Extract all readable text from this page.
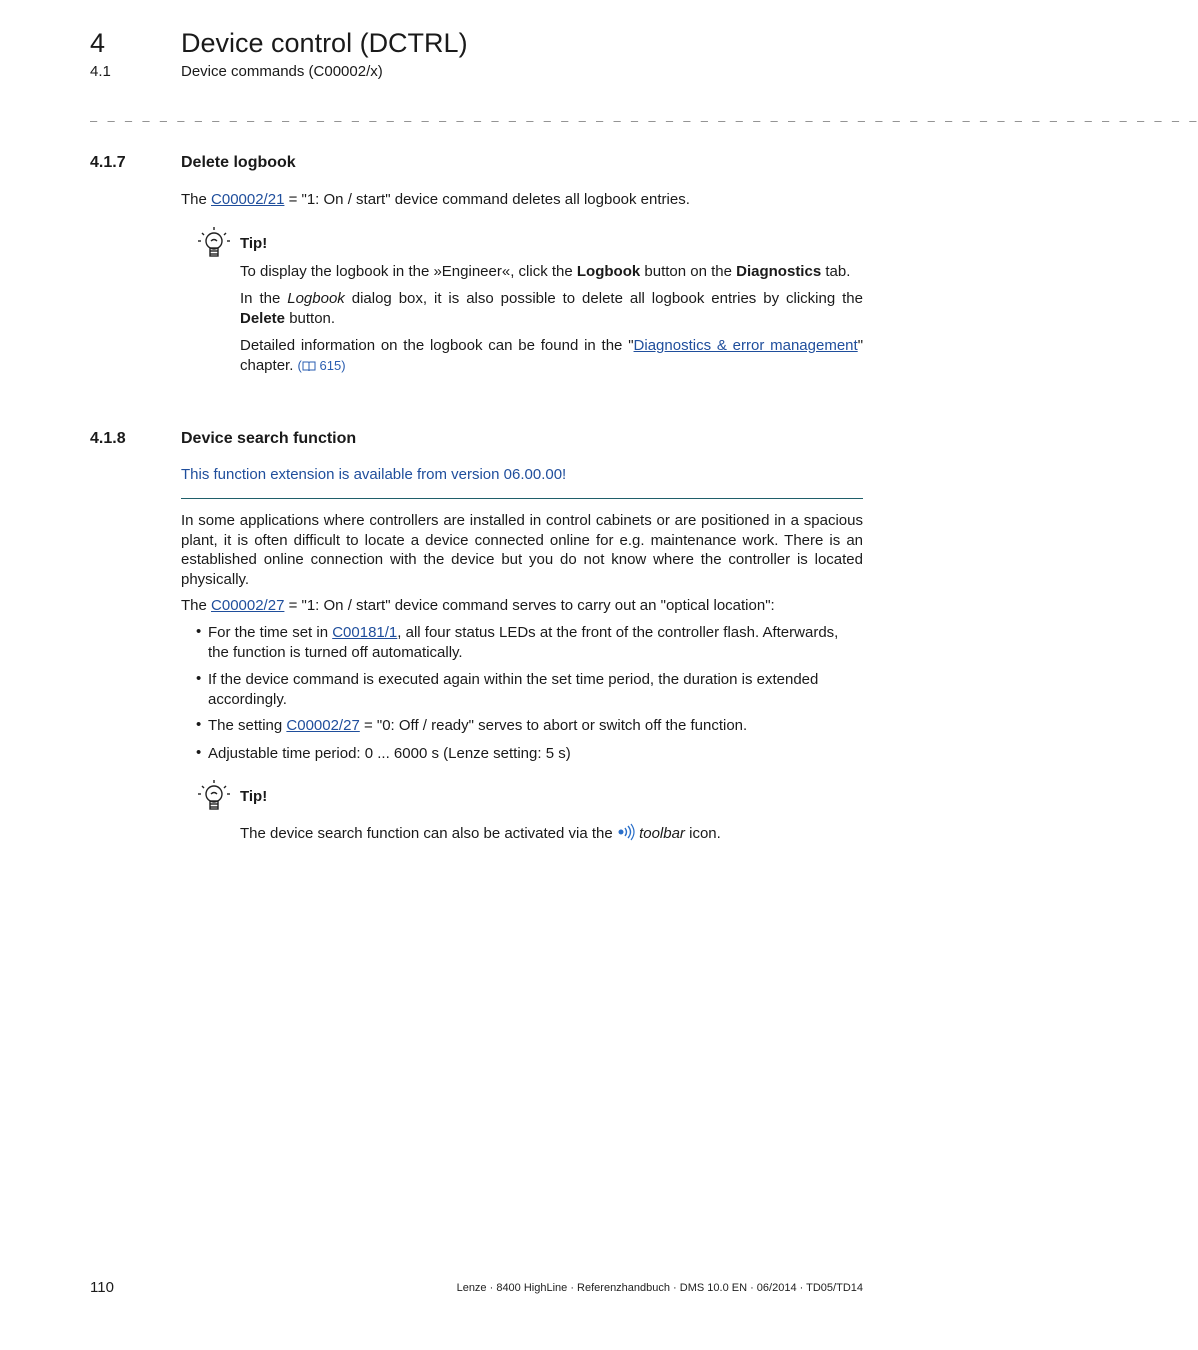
4	Device control (DCTRL)
4.1	Device commands (C00002/x)
_ _ _ _ _ _ _ _ _ _ _ _ _ _ _ _ _ _ _ _ _ _ _ _ _ _ _ _ _ _ _ _ _ _ _ _ _ _ _ _ _ _ _ _ _ _ _ _ _ _ _ _ _ _ _ _ _ _ _ _ _ _ _ _
4.1.7	Delete logbook
The C00002/21 = "1: On / start" device command deletes all logbook entries.
Tip!
To display the logbook in the »Engineer«, click the Logbook button on the Diagnostics tab.
In the Logbook dialog box, it is also possible to delete all logbook entries by clicking the Delete button.
Detailed information on the logbook can be found in the "Diagnostics & error management" chapter. ( 615)
4.1.8	Device search function
This function extension is available from version 06.00.00!
In some applications where controllers are installed in control cabinets or are positioned in a spacious plant, it is often difficult to locate a device connected online for e.g. maintenance work. There is an established online connection with the device but you do not know where the controller is located physically.
The C00002/27 = "1: On / start" device command serves to carry out an "optical location":
• For the time set in C00181/1, all four status LEDs at the front of the controller flash. Afterwards, the function is turned off automatically.
• If the device command is executed again within the set time period, the duration is extended accordingly.
• The setting C00002/27 = "0: Off / ready" serves to abort or switch off the function.
• Adjustable time period: 0 ... 6000 s (Lenze setting: 5 s)
Tip!
The device search function can also be activated via the  toolbar icon.
110	Lenze · 8400 HighLine · Referenzhandbuch · DMS 10.0 EN · 06/2014 · TD05/TD14
